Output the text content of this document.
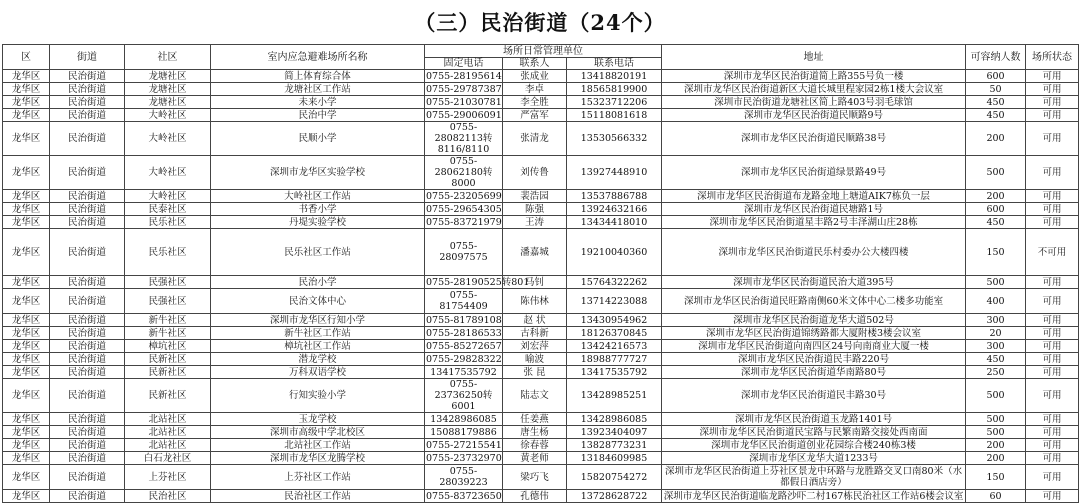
（三）民治街道（24个）
区	街道	社区	室内应急避难场所名称	场所日常管理单位			地址	可容纳人数	场所状态
				固定电话	联系人	联系电话			
龙华区	民治街道	龙塘社区	简上体育综合体	0755-28195614	张成业	13418820191	深圳市龙华区民治街道简上路355号负一楼	600	可用
龙华区	民治街道	龙塘社区	龙塘社区工作站	0755-29787387	李卓	18565819900	深圳市龙华区民治街道新区大道长城里程家园2栋1楼大会议室	50	可用
龙华区	民治街道	龙塘社区	未来小学	0755-21030781	李全胜	15323712206	深圳市民治街道龙塘社区简上路403号羽毛球馆	450	可用
龙华区	民治街道	大岭社区	民治中学	0755-29006091	严富军	15118081618	深圳市龙华区民治街道民顺路9号	450	可用
龙华区	民治街道	大岭社区	民顺小学	0755-28082113转8116/8110	张清龙	13530566332	深圳市龙华区民治街道民顺路38号	200	可用
龙华区	民治街道	大岭社区	深圳市龙华区实验学校	0755-28062180转8000	刘传鲁	13927448910	深圳市龙华区民治街道绿景路49号	500	可用
龙华区	民治街道	大岭社区	大岭社区工作站	0755-23205699	裴浩园	13537886788	深圳市龙华区民治街道布龙路金地上塘道AIK7栋负一层	200	可用
龙华区	民治街道	民泰社区	书香小学	0755-29654305	陈强	13924632166	深圳市龙华区民治街道民塘路1号	600	可用
龙华区	民治街道	民乐社区	丹堤实验学校	0755-83721979	王涛	13434418010	深圳市龙华区民治街道星丰路2号丰泽湖山庄28栋	450	可用
龙华区	民治街道	民乐社区	民乐社区工作站	0755-28097575	潘嘉城	19210040360	深圳市龙华区民治街道民乐村委办公大楼四楼	150	不可用
龙华区	民治街道	民强社区	民治小学	0755-28190525转801	马钊	15764322262	深圳市龙华区民治街道民治大道395号	500	可用
龙华区	民治街道	民强社区	民治文体中心	0755-81754409	陈伟林	13714223088	深圳市龙华区民治街道民旺路南侧60米文体中心二楼多功能室	400	可用
龙华区	民治街道	新牛社区	深圳市龙华区行知小学	0755-81789108	赵 状	13430954962	深圳市龙华区民治街道龙华大道502号	300	可用
龙华区	民治街道	新牛社区	新牛社区工作站	0755-28186533	古科新	18126370845	深圳市龙华区民治街道锦绣路都大厦附楼3楼会议室	20	可用
龙华区	民治街道	樟坑社区	樟坑社区工作站	0755-85272657	刘宏萍	13424216573	深圳市龙华区民治街道向南四区24号向南商业大厦一楼	300	可用
龙华区	民治街道	民新社区	潜龙学校	0755-29828322	喻波	18988777727	深圳市龙华区民治街道民丰路220号	450	可用
龙华区	民治街道	民新社区	万科双语学校	13417535792	张 昆	13417535792	深圳市龙华区民治街道华南路80号	250	可用
龙华区	民治街道	民新社区	行知实验小学	0755-23736250转6001	陆志文	13428985251	深圳市龙华区民治街道民丰路30号	500	可用
龙华区	民治街道	北站社区	玉龙学校	13428986085	任姜燕	13428986085	深圳市龙华区民治街道玉龙路1401号	500	可用
龙华区	民治街道	北站社区	深圳市高级中学北校区	15088179886	唐生杨	13923404097	深圳市龙华区民治街道民宝路与民繁南路交接处西南面	500	可用
龙华区	民治街道	北站社区	北站社区工作站	0755-27215541	徐春蓉	13828773231	深圳市龙华区民治街道创业花园综合楼240栋3楼	200	可用
龙华区	民治街道	白石龙社区	深圳市龙华区龙腾学校	0755-23732970	黄老师	13184609985	深圳市龙华区龙华大道1233号	200	可用
龙华区	民治街道	上芬社区	上芬社区工作站	0755-28039223	梁巧飞	15820754272	深圳市龙华区民治街道上芬社区景龙中环路与龙胜路交叉口南80米（水都假日酒店旁）	150	可用
龙华区	民治街道	民治社区	民治社区工作站	0755-83723650	孔德伟	13728628722	深圳市龙华区民治街道临龙路沙吓二村167栋民治社区工作站6楼会议室	60	可用
